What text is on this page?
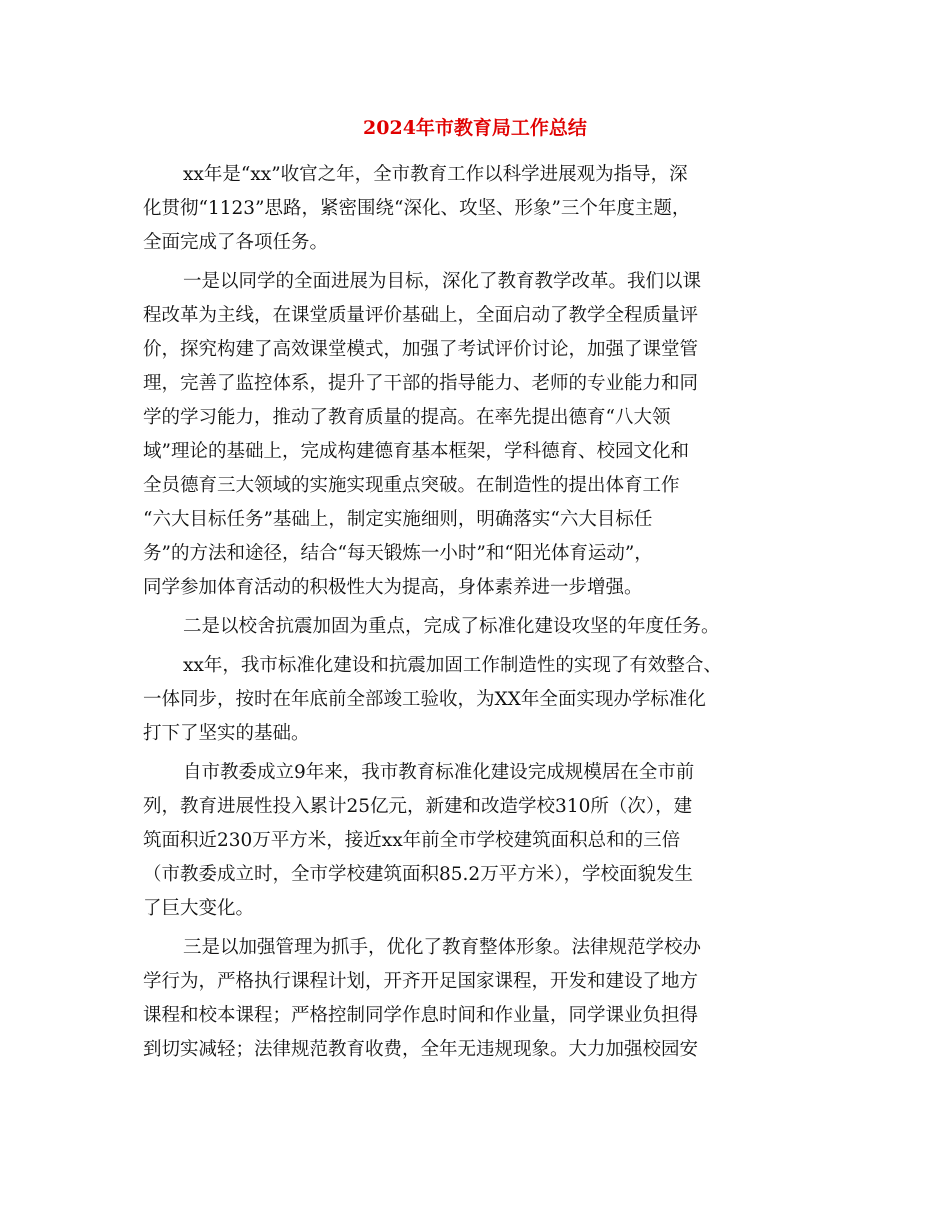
2024年市教育局工作总结
xx年是“xx”收官之年，全市教育工作以科学进展观为指导，深
化贯彻“1123”思路，紧密围绕“深化、攻坚、形象”三个年度主题，
全面完成了各项任务。
一是以同学的全面进展为目标，深化了教育教学改革。我们以课
程改革为主线，在课堂质量评价基础上，全面启动了教学全程质量评
价，探究构建了高效课堂模式，加强了考试评价讨论，加强了课堂管
理，完善了监控体系，提升了干部的指导能力、老师的专业能力和同
学的学习能力，推动了教育质量的提高。在率先提出德育“八大领
域”理论的基础上，完成构建德育基本框架，学科德育、校园文化和
全员德育三大领域的实施实现重点突破。在制造性的提出体育工作
“六大目标任务”基础上，制定实施细则，明确落实“六大目标任
务”的方法和途径，结合“每天锻炼一小时”和“阳光体育运动”，
同学参加体育活动的积极性大为提高，身体素养进一步增强。
二是以校舍抗震加固为重点，完成了标准化建设攻坚的年度任务。
xx年，我市标准化建设和抗震加固工作制造性的实现了有效整合、
一体同步，按时在年底前全部竣工验收，为XX年全面实现办学标准化
打下了坚实的基础。
自市教委成立9年来，我市教育标准化建设完成规模居在全市前
列，教育进展性投入累计25亿元，新建和改造学校310所（次），建
筑面积近230万平方米，接近xx年前全市学校建筑面积总和的三倍
（市教委成立时，全市学校建筑面积85.2万平方米），学校面貌发生
了巨大变化。
三是以加强管理为抓手，优化了教育整体形象。法律规范学校办
学行为，严格执行课程计划，开齐开足国家课程，开发和建设了地方
课程和校本课程；严格控制同学作息时间和作业量，同学课业负担得
到切实减轻；法律规范教育收费，全年无违规现象。大力加强校园安
